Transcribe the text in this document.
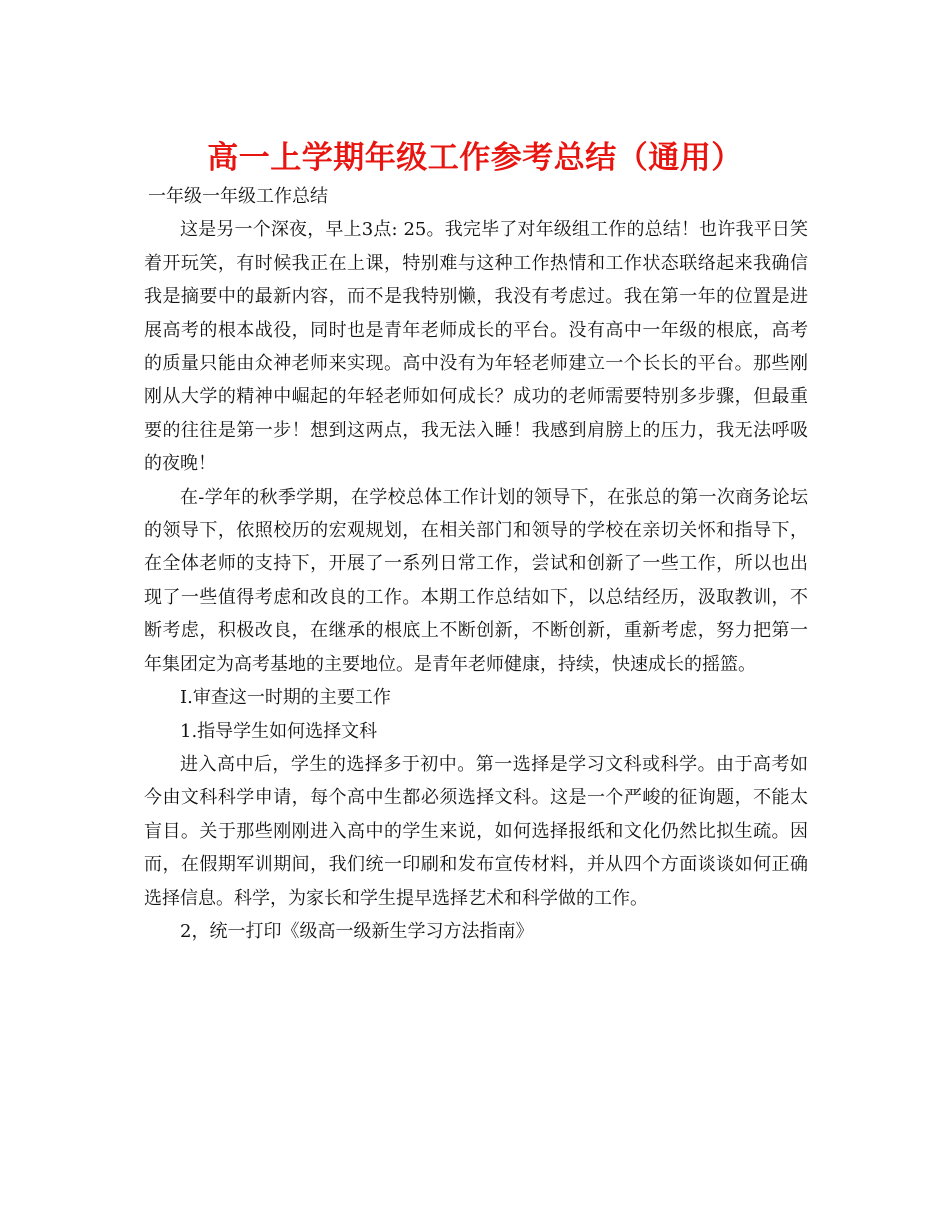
高一上学期年级工作参考总结（通用）

一年级一年级工作总结

这是另一个深夜，早上3点: 25。我完毕了对年级组工作的总结！也许我平日笑着开玩笑，有时候我正在上课，特别难与这种工作热情和工作状态联络起来我确信我是摘要中的最新内容，而不是我特别懒，我没有考虑过。我在第一年的位置是进展高考的根本战役，同时也是青年老师成长的平台。没有高中一年级的根底，高考的质量只能由众神老师来实现。高中没有为年轻老师建立一个长长的平台。那些刚刚从大学的精神中崛起的年轻老师如何成长？成功的老师需要特别多步骤，但最重要的往往是第一步！想到这两点，我无法入睡！我感到肩膀上的压力，我无法呼吸的夜晚！

在-学年的秋季学期，在学校总体工作计划的领导下，在张总的第一次商务论坛的领导下，依照校历的宏观规划，在相关部门和领导的学校在亲切关怀和指导下，在全体老师的支持下，开展了一系列日常工作，尝试和创新了一些工作，所以也出现了一些值得考虑和改良的工作。本期工作总结如下，以总结经历，汲取教训，不断考虑，积极改良，在继承的根底上不断创新，不断创新，重新考虑，努力把第一年集团定为高考基地的主要地位。是青年老师健康，持续，快速成长的摇篮。

I.审查这一时期的主要工作

1.指导学生如何选择文科

进入高中后，学生的选择多于初中。第一选择是学习文科或科学。由于高考如今由文科科学申请，每个高中生都必须选择文科。这是一个严峻的征询题，不能太盲目。关于那些刚刚进入高中的学生来说，如何选择报纸和文化仍然比拟生疏。因而，在假期军训期间，我们统一印刷和发布宣传材料，并从四个方面谈谈如何正确选择信息。科学，为家长和学生提早选择艺术和科学做的工作。

2，统一打印《级高一级新生学习方法指南》
